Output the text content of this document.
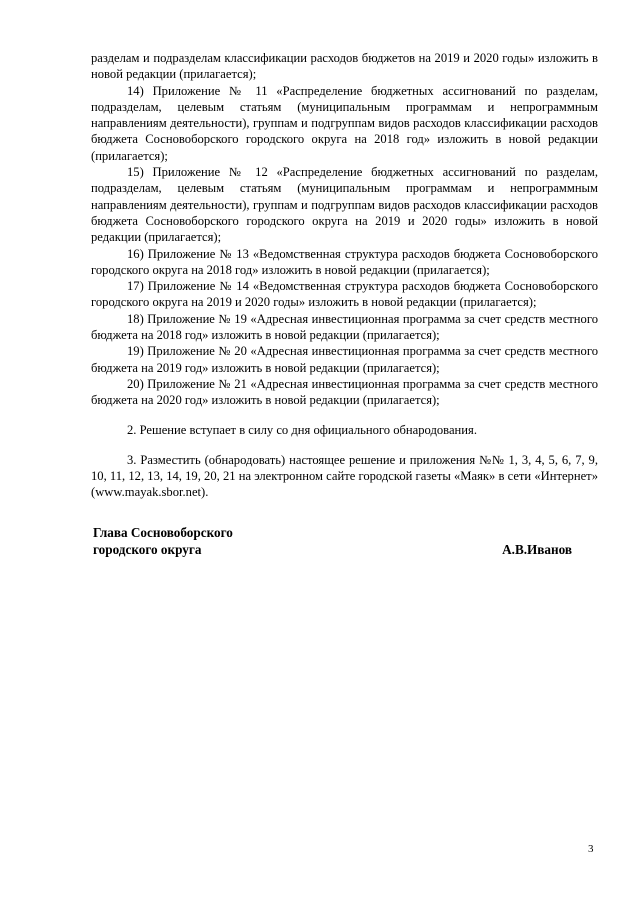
разделам и подразделам классификации расходов бюджетов на 2019 и 2020 годы» изложить в новой редакции (прилагается);

14) Приложение № 11 «Распределение бюджетных ассигнований по разделам, подразделам, целевым статьям (муниципальным программам и непрограммным направлениям деятельности), группам и подгруппам видов расходов классификации расходов бюджета Сосновоборского городского округа на 2018 год» изложить в новой редакции (прилагается);

15) Приложение № 12 «Распределение бюджетных ассигнований по разделам, подразделам, целевым статьям (муниципальным программам и непрограммным направлениям деятельности), группам и подгруппам видов расходов классификации расходов бюджета Сосновоборского городского округа на 2019 и 2020 годы» изложить в новой редакции (прилагается);

16) Приложение № 13 «Ведомственная структура расходов бюджета Сосновоборского городского округа на 2018 год» изложить в новой редакции (прилагается);

17) Приложение № 14 «Ведомственная структура расходов бюджета Сосновоборского городского округа на 2019 и 2020 годы» изложить в новой редакции (прилагается);

18) Приложение № 19 «Адресная инвестиционная программа за счет средств местного бюджета на 2018 год» изложить в новой редакции (прилагается);

19) Приложение № 20 «Адресная инвестиционная программа за счет средств местного бюджета на 2019 год» изложить в новой редакции (прилагается);

20) Приложение № 21 «Адресная инвестиционная программа за счет средств местного бюджета на 2020 год» изложить в новой редакции (прилагается);

2. Решение вступает в силу со дня официального обнародования.

3. Разместить (обнародовать) настоящее решение и приложения №№ 1, 3, 4, 5, 6, 7, 9, 10, 11, 12, 13, 14, 19, 20, 21 на электронном сайте городской газеты «Маяк» в сети «Интернет» (www.mayak.sbor.net).

Глава Сосновоборского
городского округа	А.В.Иванов
3
